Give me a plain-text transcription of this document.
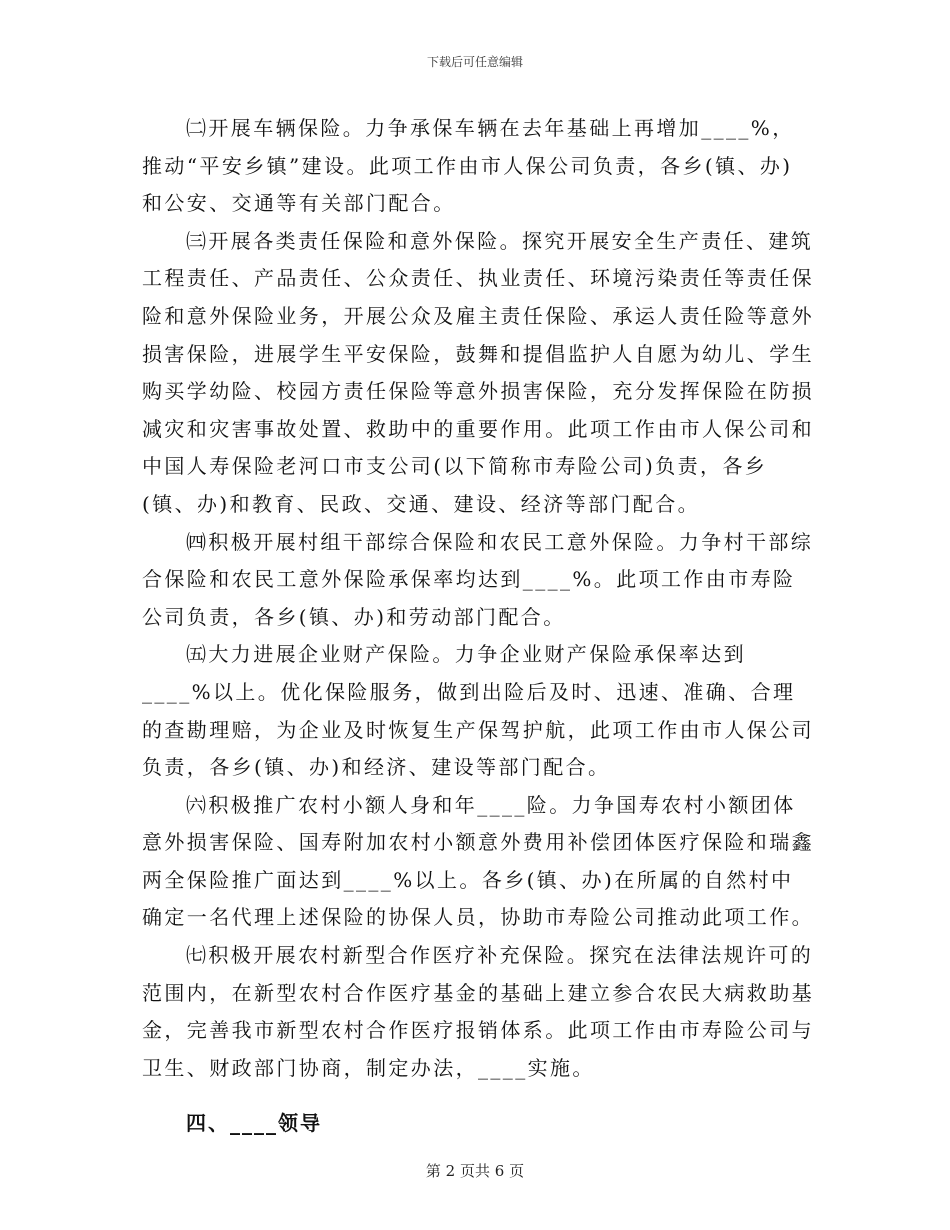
下载后可任意编辑

㈡开展车辆保险。力争承保车辆在去年基础上再增加____%，推动“平安乡镇”建设。此项工作由市人保公司负责，各乡(镇、办)和公安、交通等有关部门配合。

㈢开展各类责任保险和意外保险。探究开展安全生产责任、建筑工程责任、产品责任、公众责任、执业责任、环境污染责任等责任保险和意外保险业务，开展公众及雇主责任保险、承运人责任险等意外损害保险，进展学生平安保险，鼓舞和提倡监护人自愿为幼儿、学生购买学幼险、校园方责任保险等意外损害保险，充分发挥保险在防损减灾和灾害事故处置、救助中的重要作用。此项工作由市人保公司和中国人寿保险老河口市支公司(以下简称市寿险公司)负责，各乡(镇、办)和教育、民政、交通、建设、经济等部门配合。

㈣积极开展村组干部综合保险和农民工意外保险。力争村干部综合保险和农民工意外保险承保率均达到____%。此项工作由市寿险公司负责，各乡(镇、办)和劳动部门配合。

㈤大力进展企业财产保险。力争企业财产保险承保率达到____%以上。优化保险服务，做到出险后及时、迅速、准确、合理的查勘理赔，为企业及时恢复生产保驾护航，此项工作由市人保公司负责，各乡(镇、办)和经济、建设等部门配合。

㈥积极推广农村小额人身和年____险。力争国寿农村小额团体意外损害保险、国寿附加农村小额意外费用补偿团体医疗保险和瑞鑫两全保险推广面达到____%以上。各乡(镇、办)在所属的自然村中确定一名代理上述保险的协保人员，协助市寿险公司推动此项工作。

㈦积极开展农村新型合作医疗补充保险。探究在法律法规许可的范围内，在新型农村合作医疗基金的基础上建立参合农民大病救助基金，完善我市新型农村合作医疗报销体系。此项工作由市寿险公司与卫生、财政部门协商，制定办法，____实施。

四、____领导
第 2 页共 6 页
